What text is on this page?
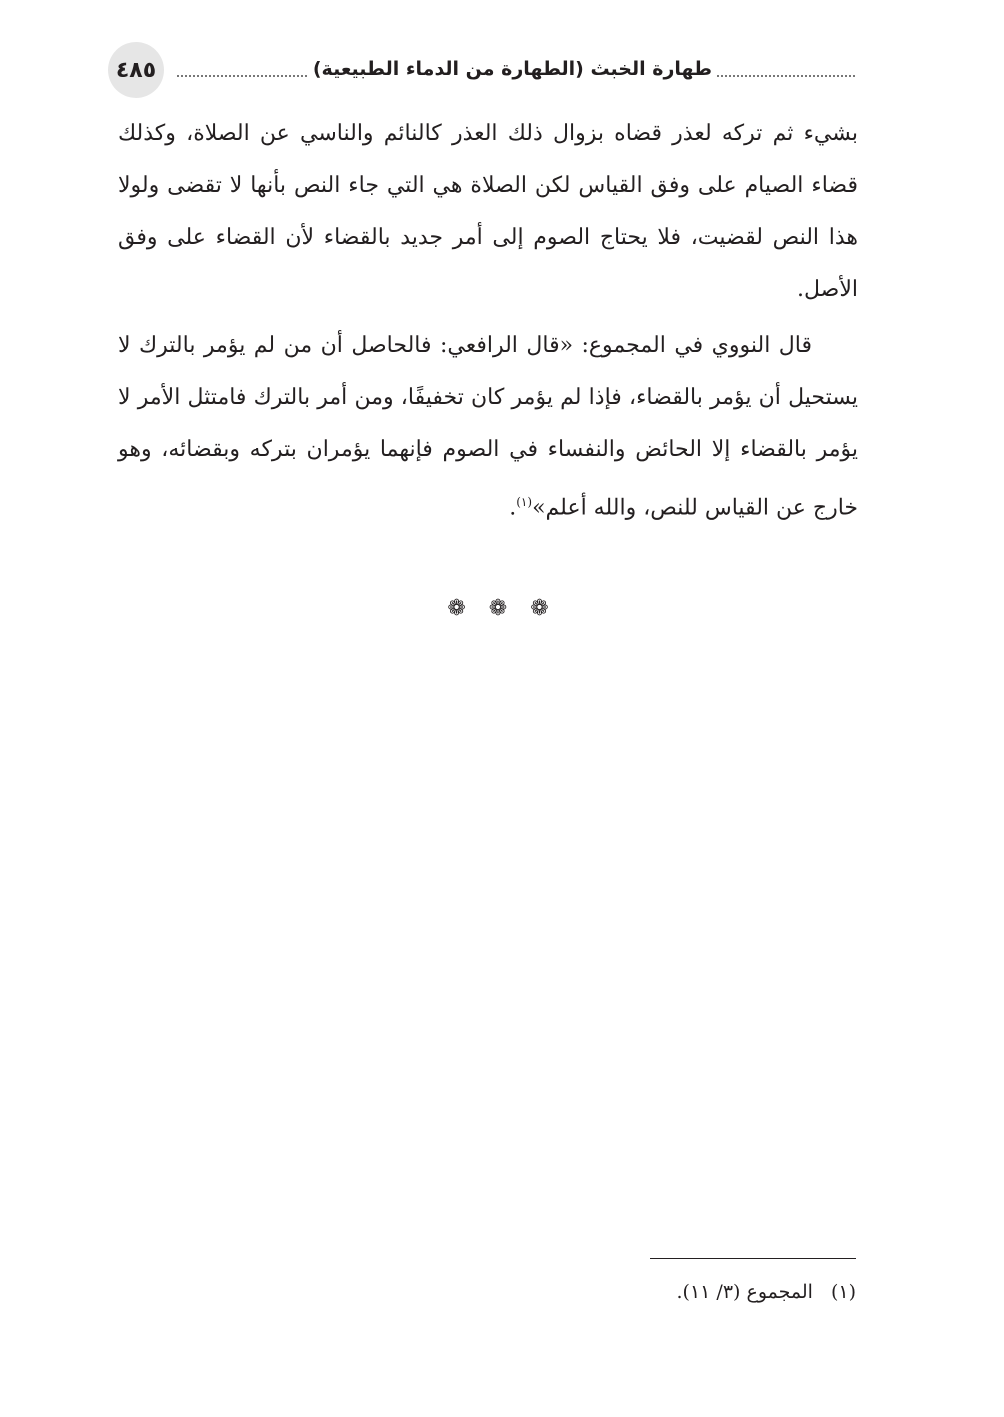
٤٨٥	طهارة الخبث (الطهارة من الدماء الطبيعية)

بشيء ثم تركه لعذر قضاه بزوال ذلك العذر كالنائم والناسي عن الصلاة، وكذلك قضاء الصيام على وفق القياس لكن الصلاة هي التي جاء النص بأنها لا تقضى ولولا هذا النص لقضيت، فلا يحتاج الصوم إلى أمر جديد بالقضاء لأن القضاء على وفق الأصل.

قال النووي في المجموع: «قال الرافعي: فالحاصل أن من لم يؤمر بالترك لا يستحيل أن يؤمر بالقضاء، فإذا لم يؤمر كان تخفيفًا، ومن أمر بالترك فامتثل الأمر لا يؤمر بالقضاء إلا الحائض والنفساء في الصوم فإنهما يؤمران بتركه وبقضائه، وهو خارج عن القياس للنص، والله أعلم»$^{(١)}$.

❁ ❁ ❁
(١)المجموع (٣/ ١١).
